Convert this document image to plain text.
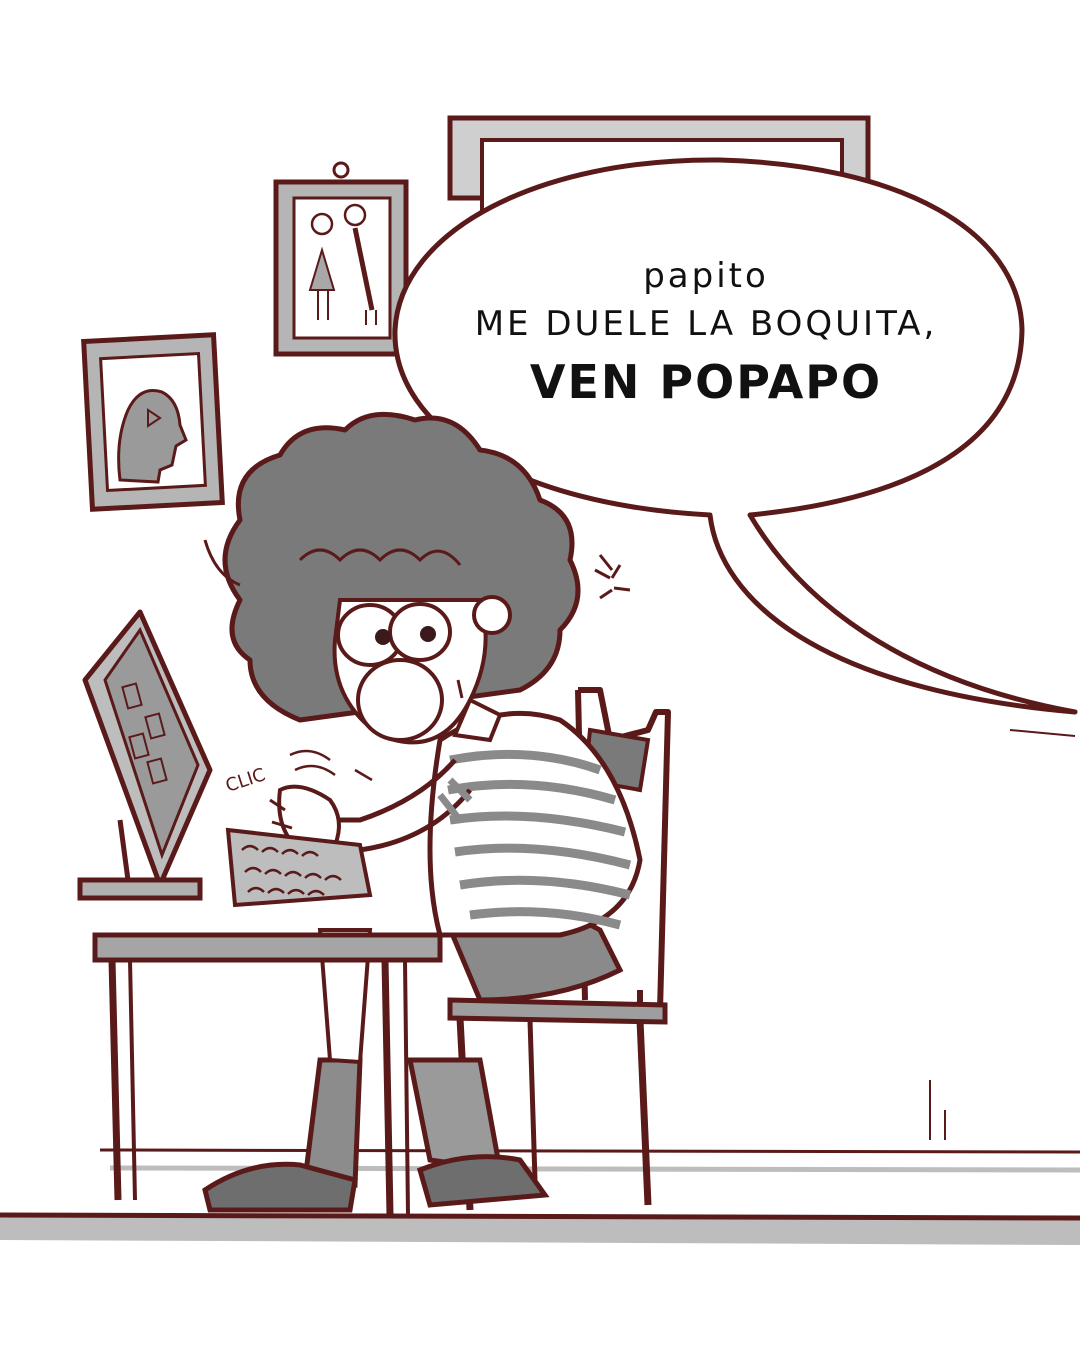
papito
ME DUELE LA BOQUITA,
VEN POPAPO
CLIC
